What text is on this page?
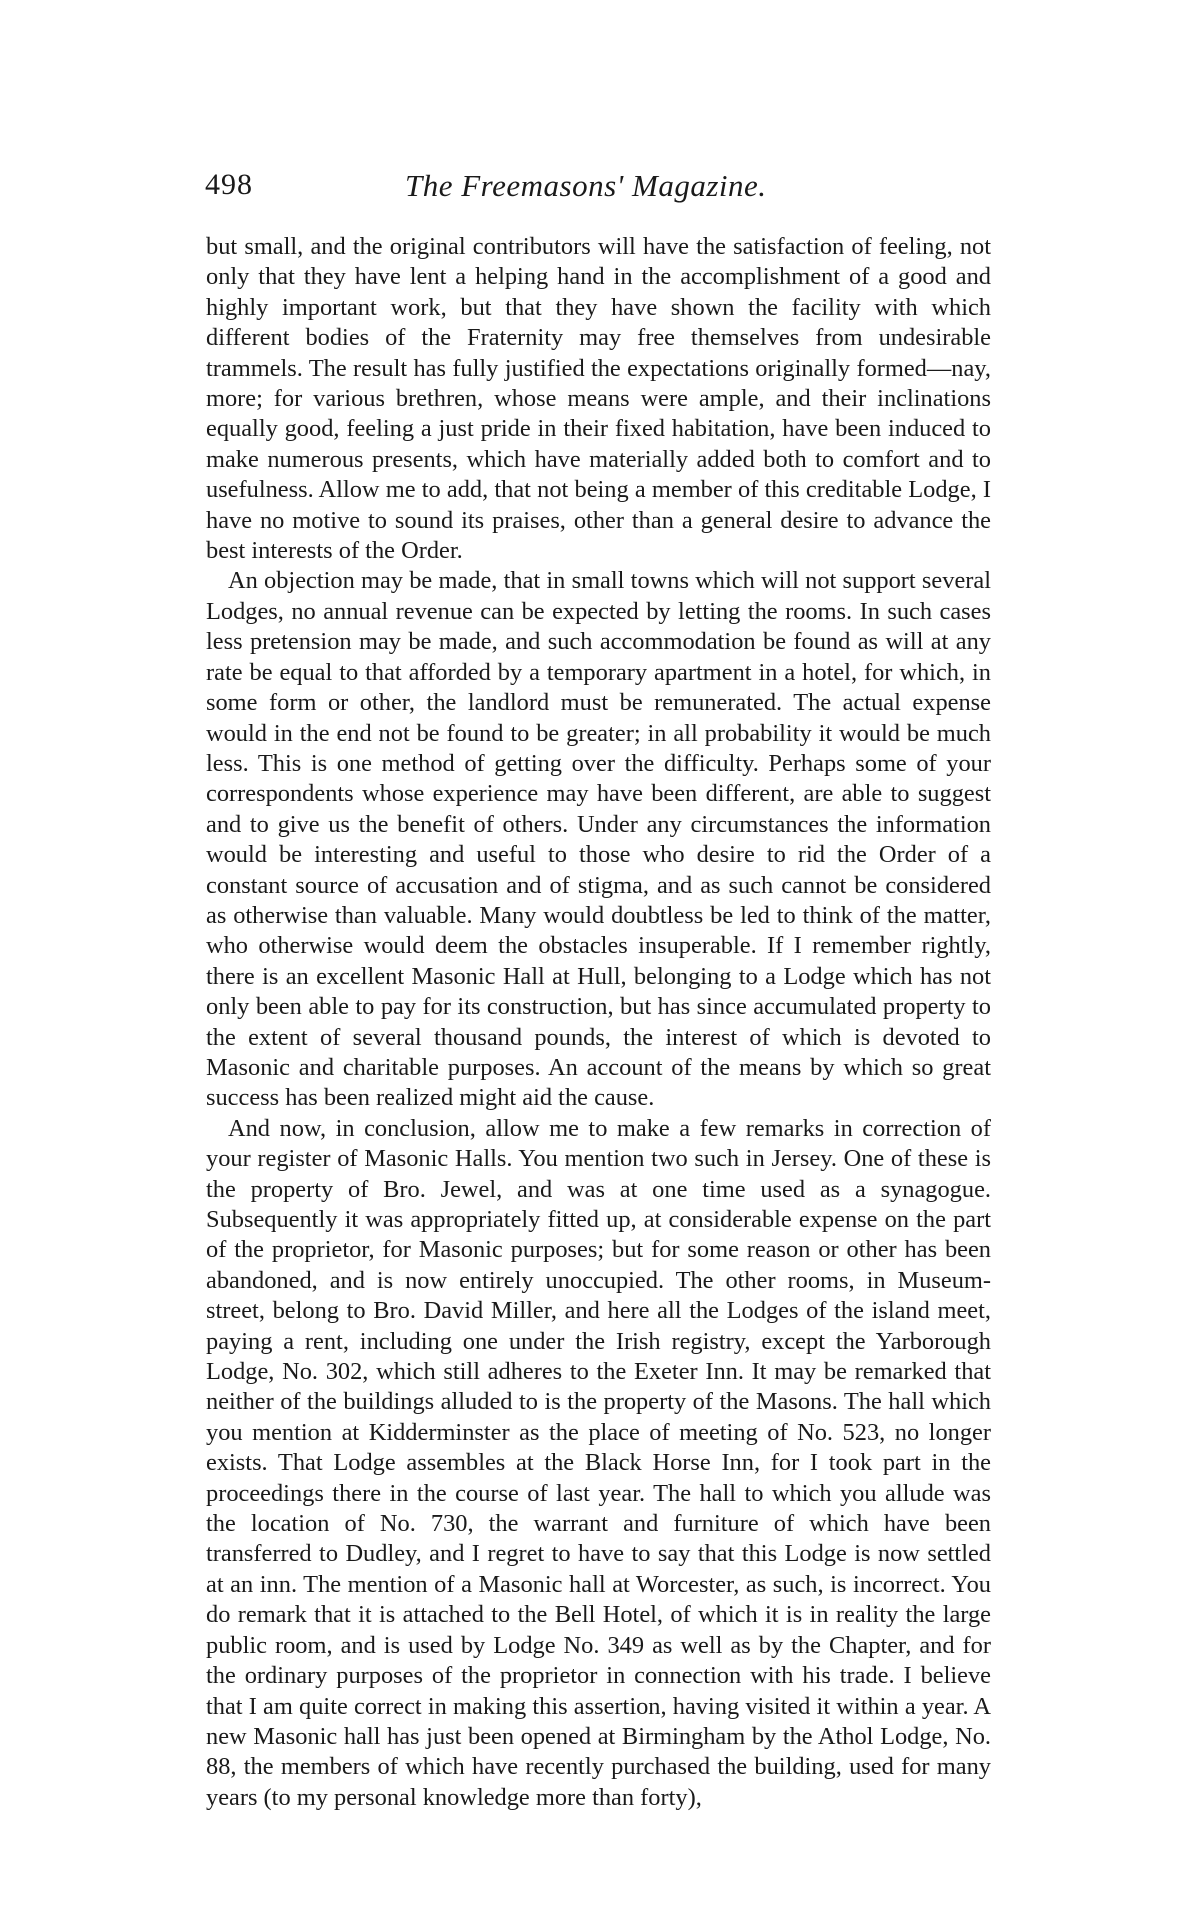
498	The Freemasons' Magazine.

but small, and the original contributors will have the satisfaction of feeling, not only that they have lent a helping hand in the accomplishment of a good and highly important work, but that they have shown the facility with which different bodies of the Fraternity may free themselves from undesirable trammels. The result has fully justified the expectations originally formed—nay, more; for various brethren, whose means were ample, and their inclinations equally good, feeling a just pride in their fixed habitation, have been induced to make numerous presents, which have materially added both to comfort and to usefulness. Allow me to add, that not being a member of this creditable Lodge, I have no motive to sound its praises, other than a general desire to advance the best interests of the Order.

An objection may be made, that in small towns which will not support several Lodges, no annual revenue can be expected by letting the rooms. In such cases less pretension may be made, and such accommodation be found as will at any rate be equal to that afforded by a temporary apartment in a hotel, for which, in some form or other, the landlord must be remunerated. The actual expense would in the end not be found to be greater; in all probability it would be much less. This is one method of getting over the difficulty. Perhaps some of your correspondents whose experience may have been different, are able to suggest and to give us the benefit of others. Under any circumstances the information would be interesting and useful to those who desire to rid the Order of a constant source of accusation and of stigma, and as such cannot be considered as otherwise than valuable. Many would doubtless be led to think of the matter, who otherwise would deem the obstacles insuperable. If I remember rightly, there is an excellent Masonic Hall at Hull, belonging to a Lodge which has not only been able to pay for its construction, but has since accumulated property to the extent of several thousand pounds, the interest of which is devoted to Masonic and charitable purposes. An account of the means by which so great success has been realized might aid the cause.

And now, in conclusion, allow me to make a few remarks in correction of your register of Masonic Halls. You mention two such in Jersey. One of these is the property of Bro. Jewel, and was at one time used as a synagogue. Subsequently it was appropriately fitted up, at considerable expense on the part of the proprietor, for Masonic purposes; but for some reason or other has been abandoned, and is now entirely unoccupied. The other rooms, in Museum-street, belong to Bro. David Miller, and here all the Lodges of the island meet, paying a rent, including one under the Irish registry, except the Yarborough Lodge, No. 302, which still adheres to the Exeter Inn. It may be remarked that neither of the buildings alluded to is the property of the Masons. The hall which you mention at Kidderminster as the place of meeting of No. 523, no longer exists. That Lodge assembles at the Black Horse Inn, for I took part in the proceedings there in the course of last year. The hall to which you allude was the location of No. 730, the warrant and furniture of which have been transferred to Dudley, and I regret to have to say that this Lodge is now settled at an inn. The mention of a Masonic hall at Worcester, as such, is incorrect. You do remark that it is attached to the Bell Hotel, of which it is in reality the large public room, and is used by Lodge No. 349 as well as by the Chapter, and for the ordinary purposes of the proprietor in connection with his trade. I believe that I am quite correct in making this assertion, having visited it within a year. A new Masonic hall has just been opened at Birmingham by the Athol Lodge, No. 88, the members of which have recently purchased the building, used for many years (to my personal knowledge more than forty),
